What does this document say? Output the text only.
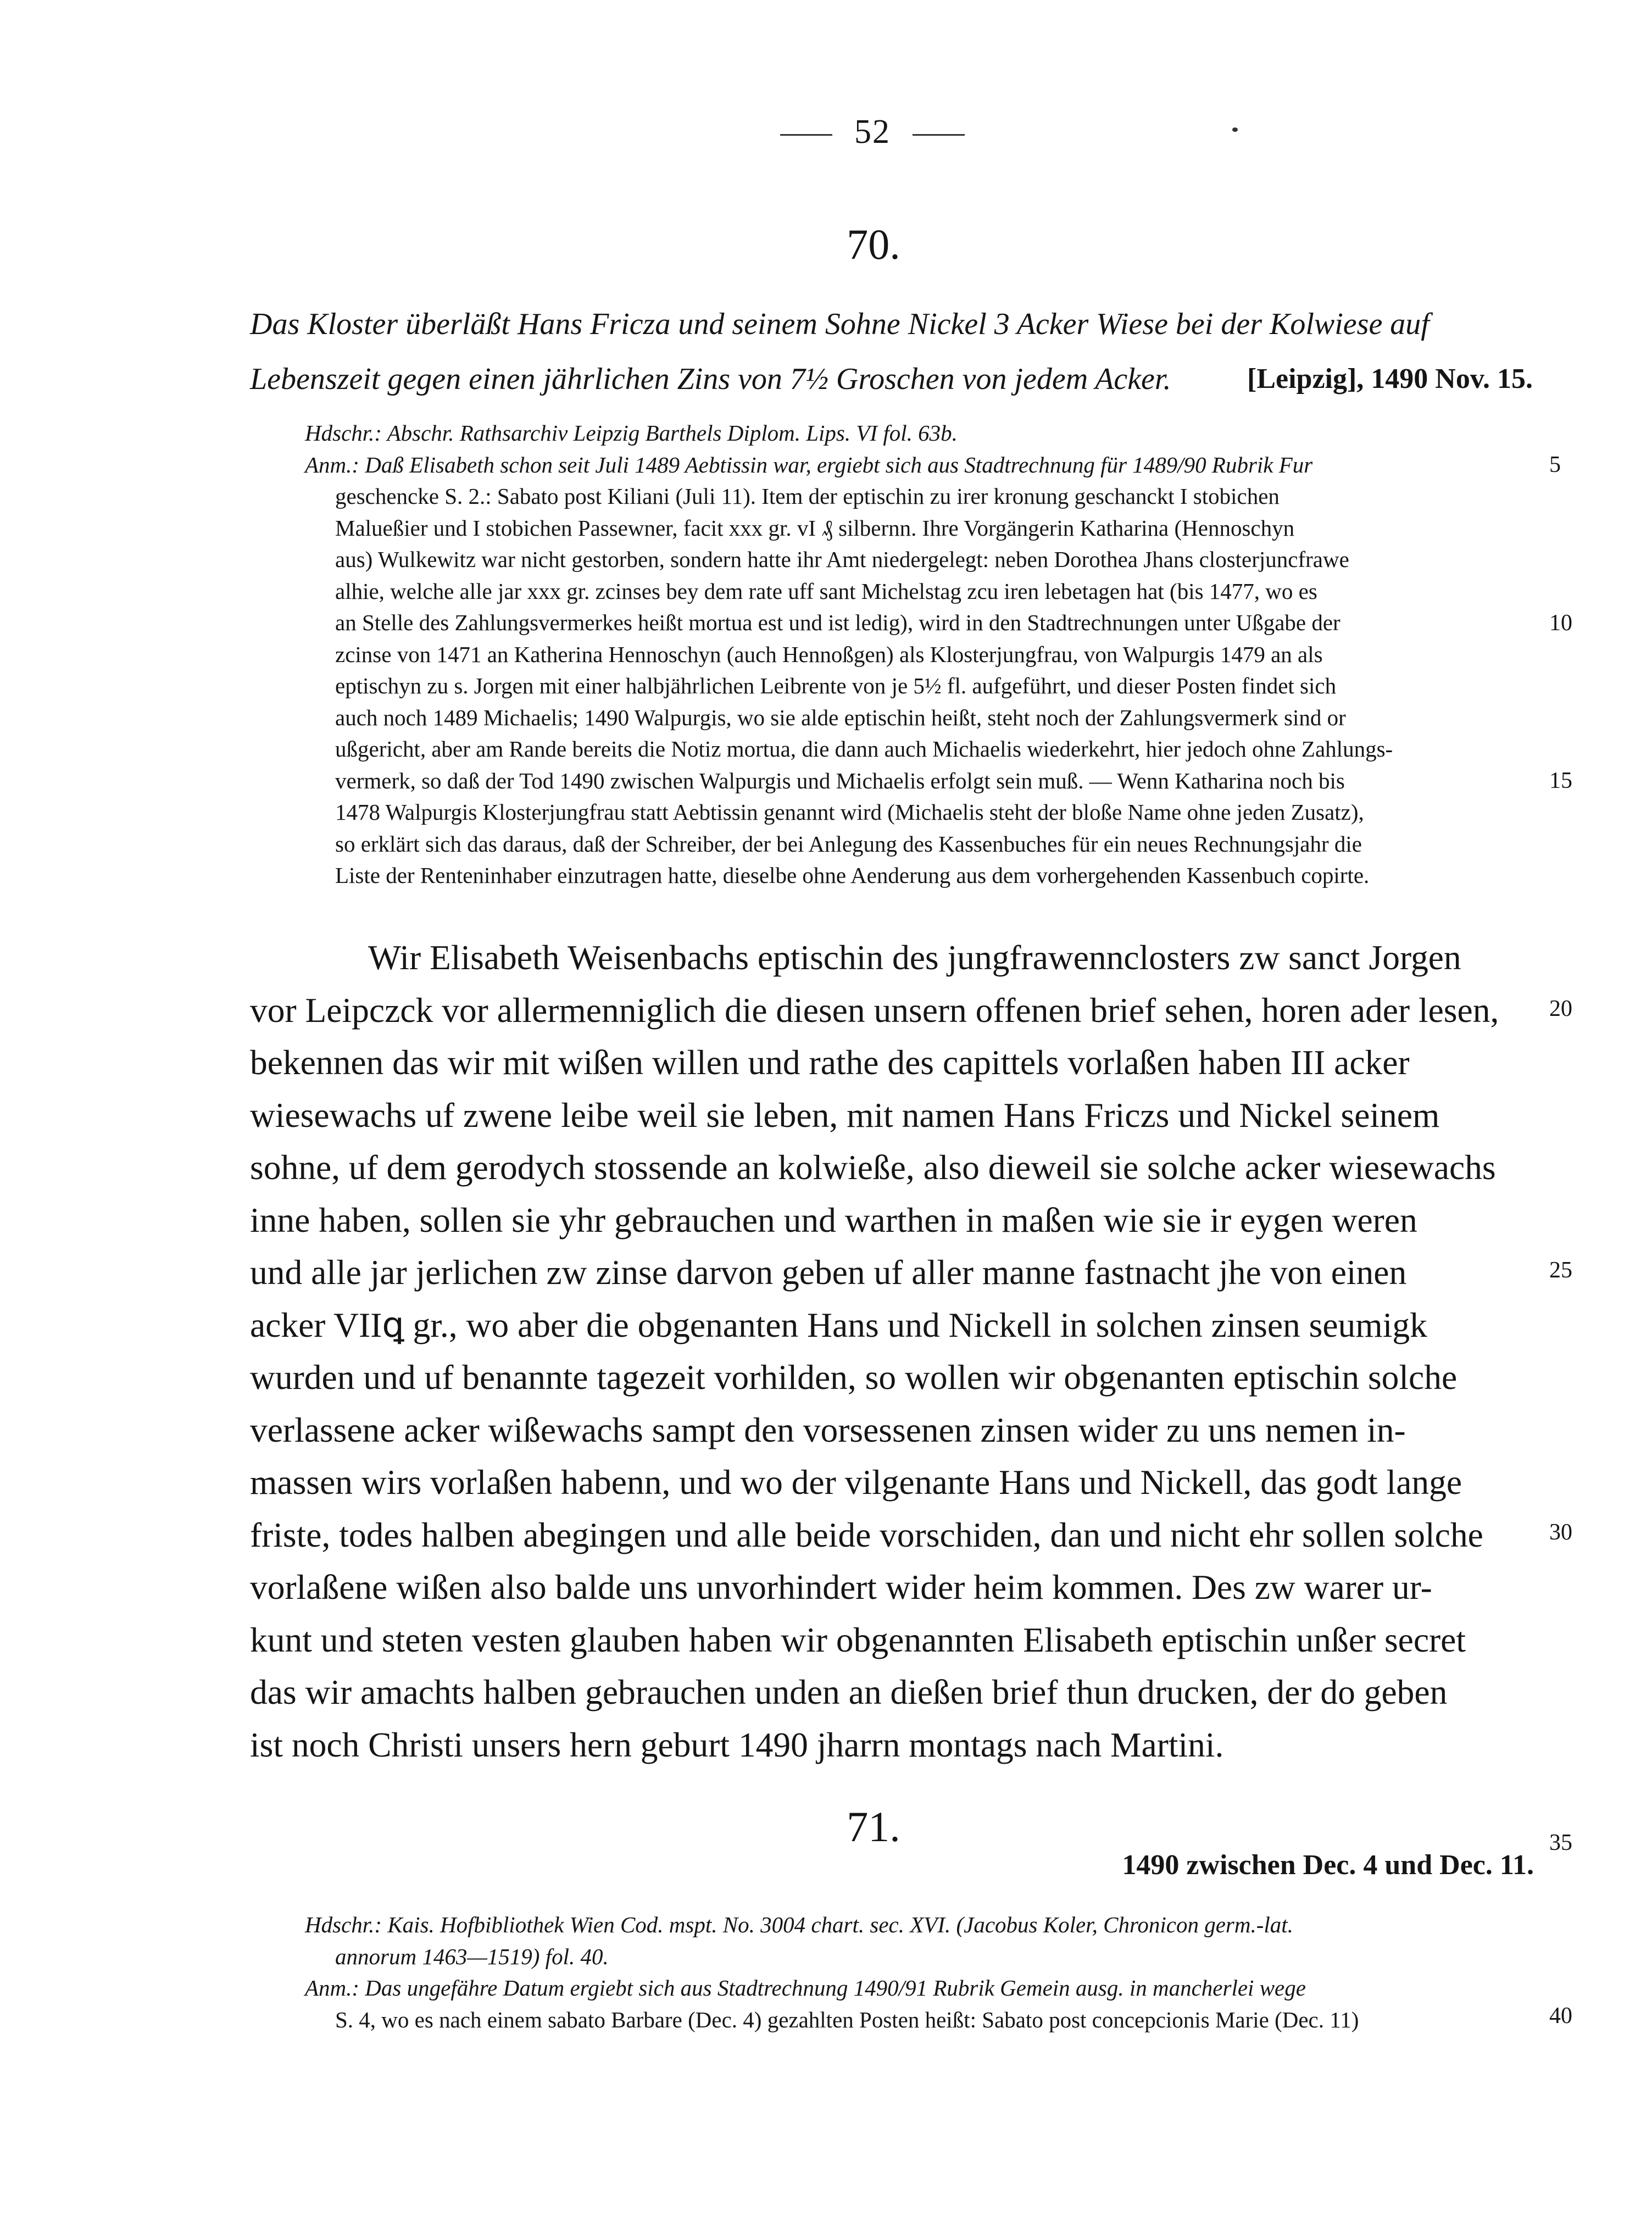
52
70.
Das Kloster überläßt Hans Fricza und seinem Sohne Nickel 3 Acker Wiese bei der Kolwiese auf
Lebenszeit gegen einen jährlichen Zins von 7½ Groschen von jedem Acker.	[Leipzig], 1490 Nov. 15.

Hdschr.: Abschr. Rathsarchiv Leipzig Barthels Diplom. Lips. VI fol. 63b.

Anm.: Daß Elisabeth schon seit Juli 1489 Aebtissin war, ergiebt sich aus Stadtrechnung für 1489/90 Rubrik Fur

geschencke S. 2.: Sabato post Kiliani (Juli 11). Item der eptischin zu irer kronung geschanckt I stobichen

Malueßier und I stobichen Passewner, facit xxx gr. vI ₰ silbernn. Ihre Vorgängerin Katharina (Hennoschyn

aus) Wulkewitz war nicht gestorben, sondern hatte ihr Amt niedergelegt: neben Dorothea Jhans closterjuncfrawe

alhie, welche alle jar xxx gr. zcinses bey dem rate uff sant Michelstag zcu iren lebetagen hat (bis 1477, wo es

an Stelle des Zahlungsvermerkes heißt mortua est und ist ledig), wird in den Stadtrechnungen unter Ußgabe der

zcinse von 1471 an Katherina Hennoschyn (auch Hennoßgen) als Klosterjungfrau, von Walpurgis 1479 an als

eptischyn zu s. Jorgen mit einer halbjährlichen Leibrente von je 5½ fl. aufgeführt, und dieser Posten findet sich

auch noch 1489 Michaelis; 1490 Walpurgis, wo sie alde eptischin heißt, steht noch der Zahlungsvermerk sind or

ußgericht, aber am Rande bereits die Notiz mortua, die dann auch Michaelis wiederkehrt, hier jedoch ohne Zahlungs-

vermerk, so daß der Tod 1490 zwischen Walpurgis und Michaelis erfolgt sein muß. — Wenn Katharina noch bis

1478 Walpurgis Klosterjungfrau statt Aebtissin genannt wird (Michaelis steht der bloße Name ohne jeden Zusatz),

so erklärt sich das daraus, daß der Schreiber, der bei Anlegung des Kassenbuches für ein neues Rechnungsjahr die

Liste der Renteninhaber einzutragen hatte, dieselbe ohne Aenderung aus dem vorhergehenden Kassenbuch copirte.

Wir Elisabeth Weisenbachs eptischin des jungfrawennclosters zw sanct Jorgen
vor Leipczck vor allermenniglich die diesen unsern offenen brief sehen, horen ader lesen,
bekennen das wir mit wißen willen und rathe des capittels vorlaßen haben III acker
wiesewachs uf zwene leibe weil sie leben, mit namen Hans Friczs und Nickel seinem
sohne, uf dem gerodych stossende an kolwieße, also dieweil sie solche acker wiesewachs
inne haben, sollen sie yhr gebrauchen und warthen in maßen wie sie ir eygen weren
und alle jar jerlichen zw zinse darvon geben uf aller manne fastnacht jhe von einen
acker VIIꝗ gr., wo aber die obgenanten Hans und Nickell in solchen zinsen seumigk
wurden und uf benannte tagezeit vorhilden, so wollen wir obgenanten eptischin solche
verlassene acker wißewachs sampt den vorsessenen zinsen wider zu uns nemen in-
massen wirs vorlaßen habenn, und wo der vilgenante Hans und Nickell, das godt lange
friste, todes halben abegingen und alle beide vorschiden, dan und nicht ehr sollen solche
vorlaßene wißen also balde uns unvorhindert wider heim kommen. Des zw warer ur-
kunt und steten vesten glauben haben wir obgenannten Elisabeth eptischin unßer secret
das wir amachts halben gebrauchen unden an dießen brief thun drucken, der do geben
ist noch Christi unsers hern geburt 1490 jharrn montags nach Martini.
71.
1490 zwischen Dec. 4 und Dec. 11.

Hdschr.: Kais. Hofbibliothek Wien Cod. mspt. No. 3004 chart. sec. XVI. (Jacobus Koler, Chronicon germ.-lat.

annorum 1463—1519) fol. 40.

Anm.: Das ungefähre Datum ergiebt sich aus Stadtrechnung 1490/91 Rubrik Gemein ausg. in mancherlei wege

S. 4, wo es nach einem sabato Barbare (Dec. 4) gezahlten Posten heißt: Sabato post concepcionis Marie (Dec. 11)

5
10
15
20
25
30
35
40
